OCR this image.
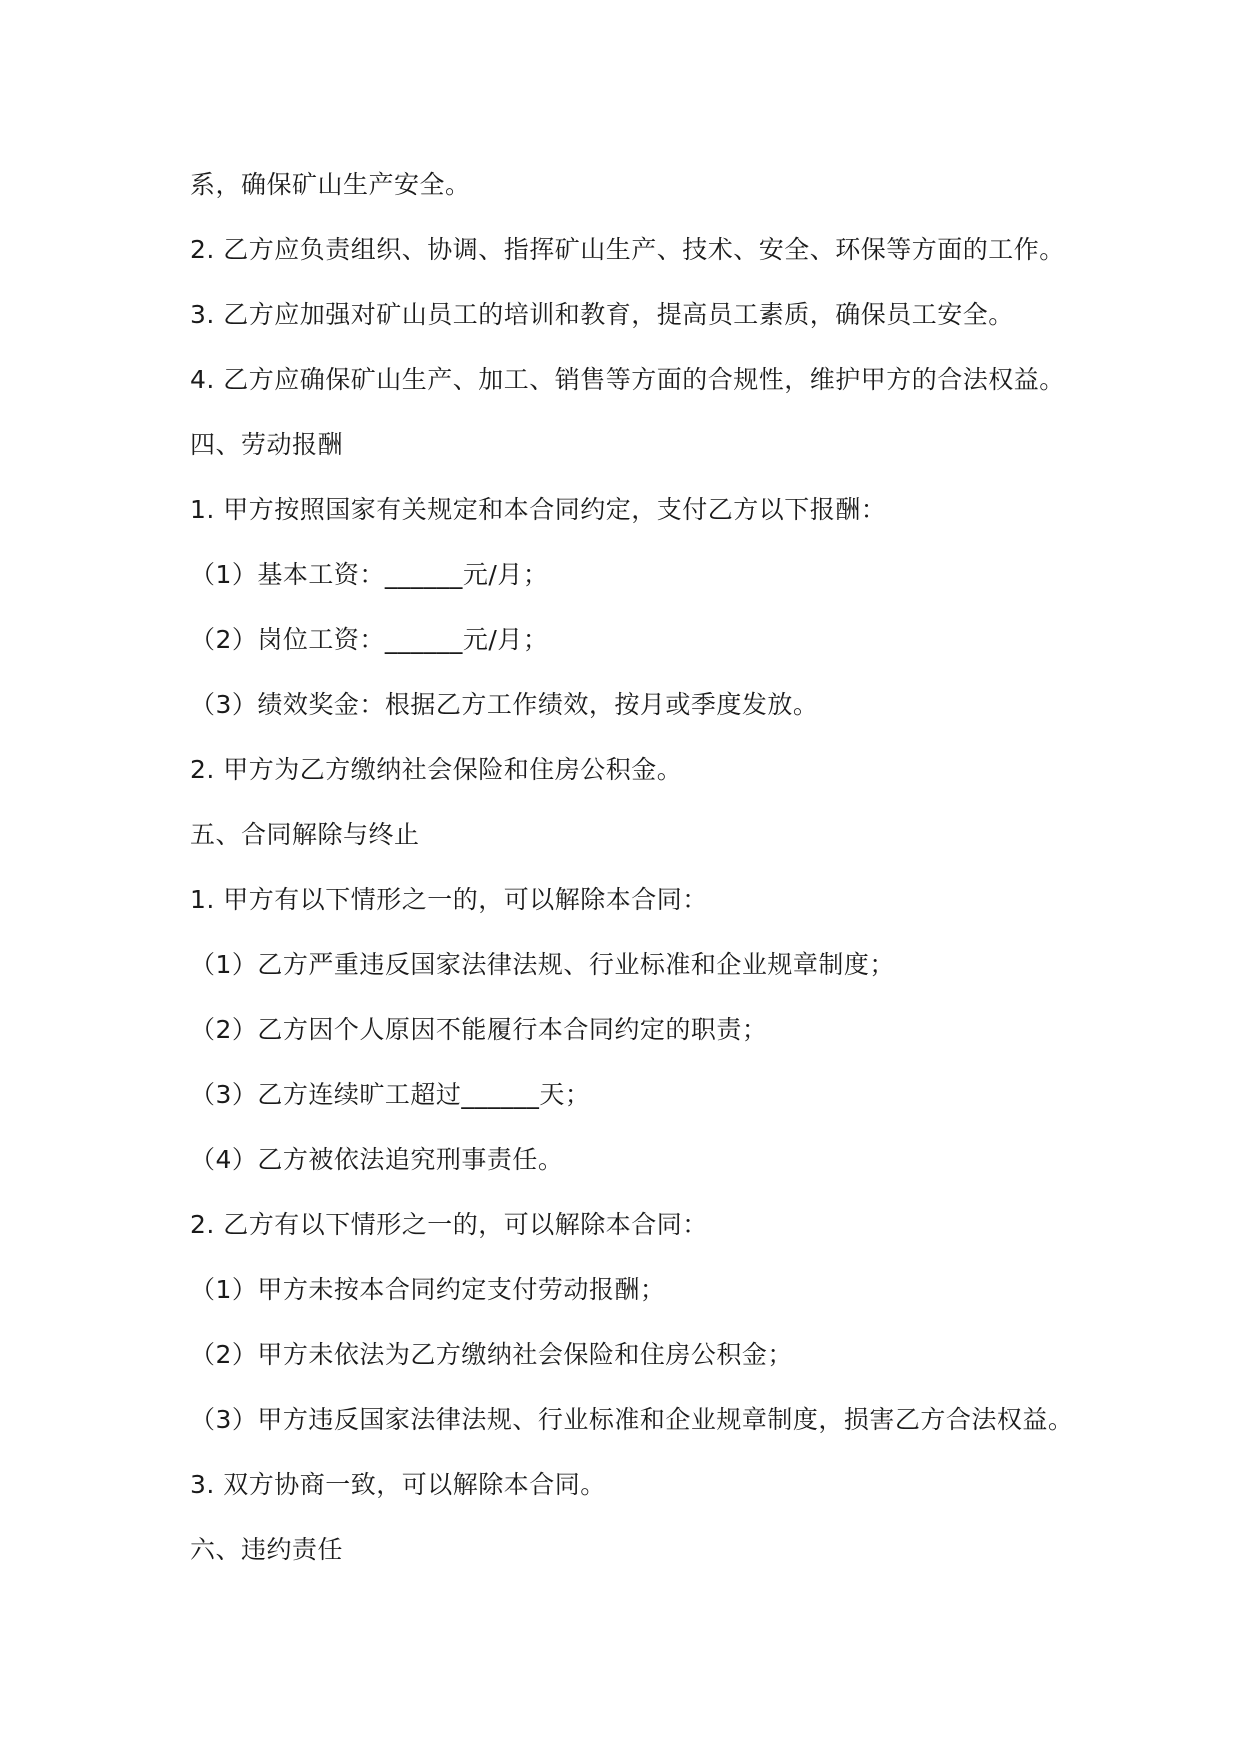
系，确保矿山生产安全。
2. 乙方应负责组织、协调、指挥矿山生产、技术、安全、环保等方面的工作。
3. 乙方应加强对矿山员工的培训和教育，提高员工素质，确保员工安全。
4. 乙方应确保矿山生产、加工、销售等方面的合规性，维护甲方的合法权益。
四、劳动报酬
1. 甲方按照国家有关规定和本合同约定，支付乙方以下报酬：
（1）基本工资：______元/月；
（2）岗位工资：______元/月；
（3）绩效奖金：根据乙方工作绩效，按月或季度发放。
2. 甲方为乙方缴纳社会保险和住房公积金。
五、合同解除与终止
1. 甲方有以下情形之一的，可以解除本合同：
（1）乙方严重违反国家法律法规、行业标准和企业规章制度；
（2）乙方因个人原因不能履行本合同约定的职责；
（3）乙方连续旷工超过______天；
（4）乙方被依法追究刑事责任。
2. 乙方有以下情形之一的，可以解除本合同：
（1）甲方未按本合同约定支付劳动报酬；
（2）甲方未依法为乙方缴纳社会保险和住房公积金；
（3）甲方违反国家法律法规、行业标准和企业规章制度，损害乙方合法权益。
3. 双方协商一致，可以解除本合同。
六、违约责任
